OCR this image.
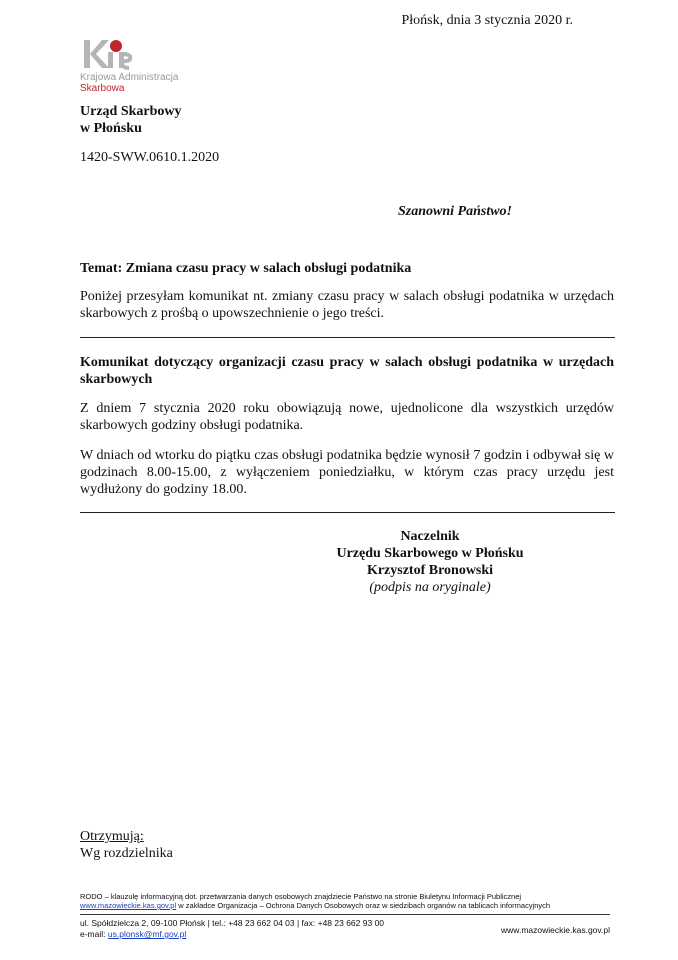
Płońsk, dnia 3 stycznia 2020 r.
Krajowa Administracja
Skarbowa
Urząd Skarbowy
w Płońsku
1420-SWW.0610.1.2020
Szanowni Państwo!
Temat: Zmiana czasu pracy w salach obsługi podatnika
Poniżej przesyłam komunikat nt. zmiany czasu pracy w salach obsługi podatnika w urzędach skarbowych z prośbą o upowszechnienie o jego treści.
Komunikat dotyczący organizacji czasu pracy w salach obsługi podatnika w urzędach skarbowych
Z dniem 7 stycznia 2020 roku obowiązują nowe, ujednolicone dla wszystkich urzędów skarbowych godziny obsługi podatnika.
W dniach od wtorku do piątku czas obsługi podatnika będzie wynosił 7 godzin i odbywał się w godzinach 8.00-15.00, z wyłączeniem poniedziałku, w którym czas pracy urzędu jest wydłużony do godziny 18.00.
Naczelnik
Urzędu Skarbowego w Płońsku
Krzysztof Bronowski
(podpis na oryginale)
Otrzymują:
Wg rozdzielnika
RODO – klauzulę informacyjną dot. przetwarzania danych osobowych znajdziecie Państwo na stronie Biuletynu Informacji Publicznej
www.mazowieckie.kas.gov.pl w zakładce Organizacja – Ochrona Danych Osobowych oraz w siedzibach organów na tablicach informacyjnych
ul. Spółdzielcza 2, 09-100 Płońsk | tel.: +48 23 662 04 03 | fax: +48 23 662 93 00
e-mail: us.plonsk@mf.gov.pl	www.mazowieckie.kas.gov.pl
